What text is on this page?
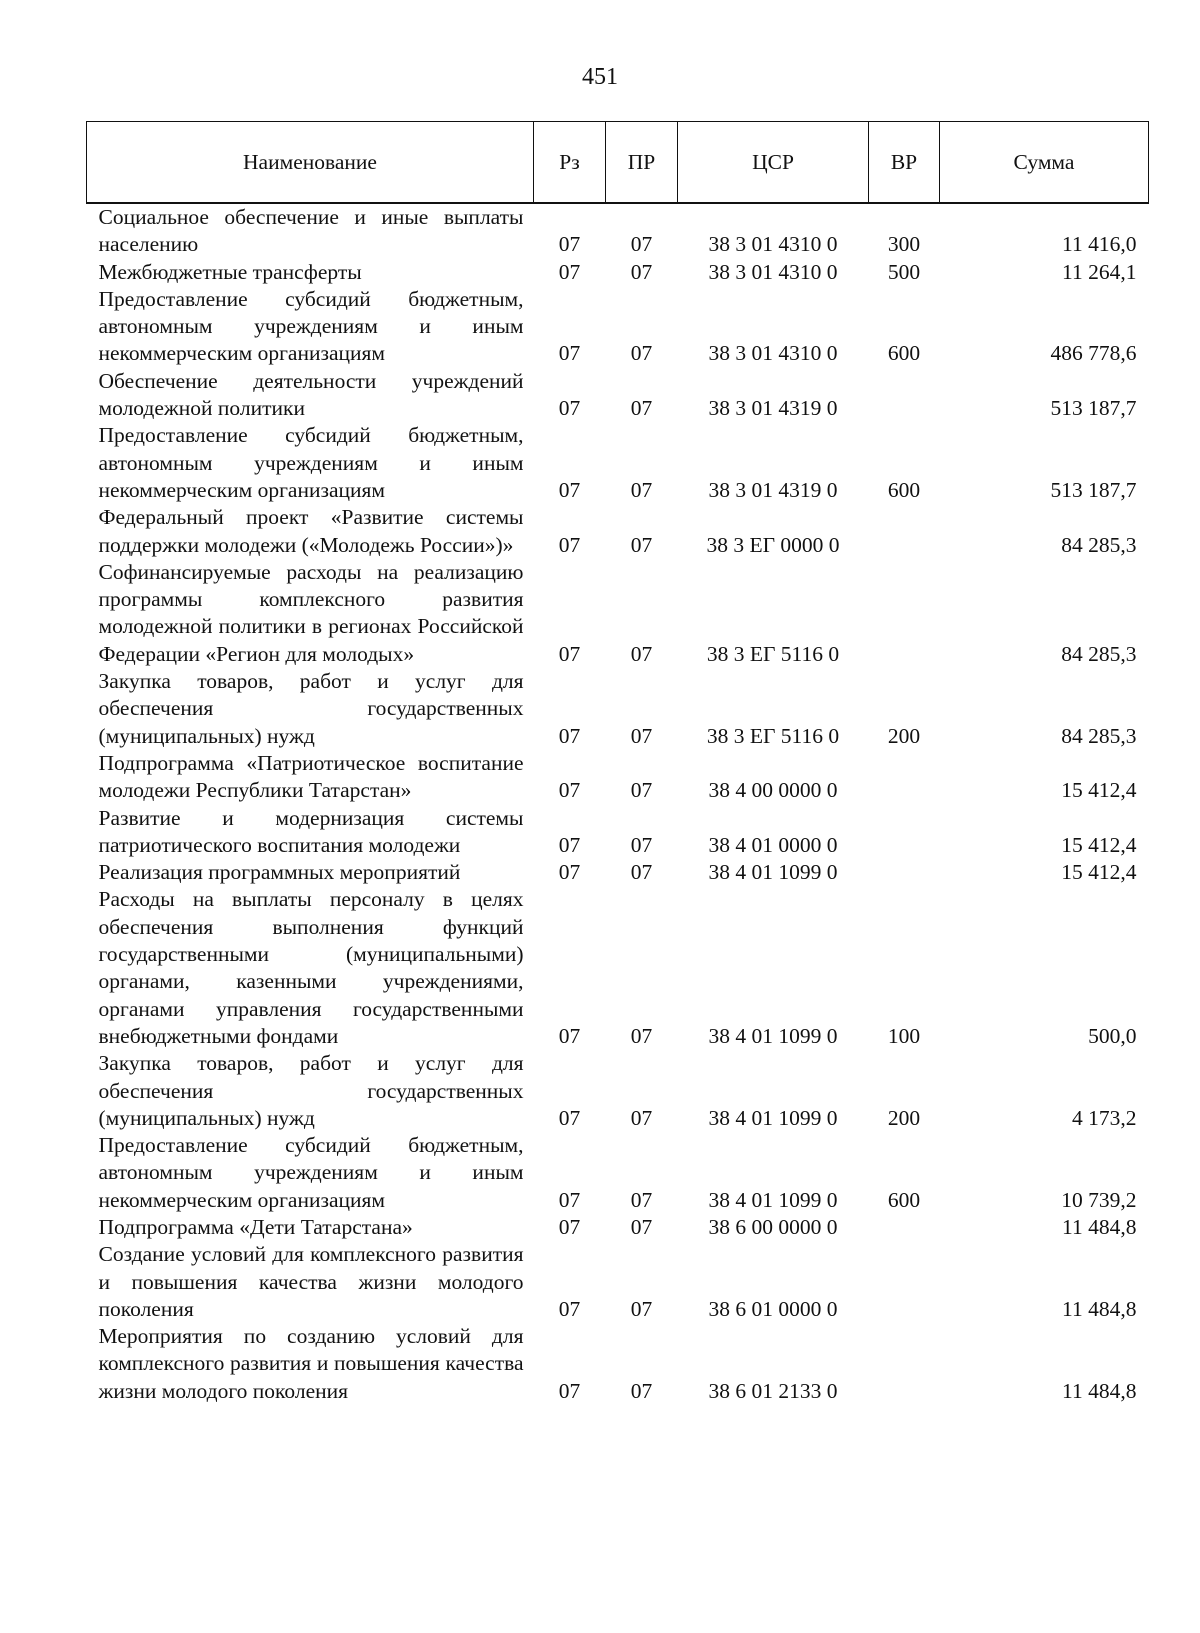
451
Наименование	Рз	ПР	ЦСР	ВР	Сумма
Социальное обеспечение и иные выплаты населению	07	07	38 3 01 4310 0	300	11 416,0
Межбюджетные трансферты	07	07	38 3 01 4310 0	500	11 264,1
Предоставление субсидий бюджетным, автономным учреждениям и иным некоммерческим организациям	07	07	38 3 01 4310 0	600	486 778,6
Обеспечение деятельности учреждений молодежной политики	07	07	38 3 01 4319 0		513 187,7
Предоставление субсидий бюджетным, автономным учреждениям и иным некоммерческим организациям	07	07	38 3 01 4319 0	600	513 187,7
Федеральный проект «Развитие системы поддержки молодежи («Молодежь России»)»	07	07	38 3 ЕГ 0000 0		84 285,3
Софинансируемые расходы на реализацию программы комплексного развития молодежной политики в регионах Российской Федерации «Регион для молодых»	07	07	38 3 ЕГ 5116 0		84 285,3
Закупка товаров, работ и услуг для обеспечения государственных (муниципальных) нужд	07	07	38 3 ЕГ 5116 0	200	84 285,3
Подпрограмма «Патриотическое воспитание молодежи Республики Татарстан»	07	07	38 4 00 0000 0		15 412,4
Развитие и модернизация системы патриотического воспитания молодежи	07	07	38 4 01 0000 0		15 412,4
Реализация программных мероприятий	07	07	38 4 01 1099 0		15 412,4
Расходы на выплаты персоналу в целях обеспечения выполнения функций государственными (муниципальными) органами, казенными учреждениями, органами управления государственными внебюджетными фондами	07	07	38 4 01 1099 0	100	500,0
Закупка товаров, работ и услуг для обеспечения государственных (муниципальных) нужд	07	07	38 4 01 1099 0	200	4 173,2
Предоставление субсидий бюджетным, автономным учреждениям и иным некоммерческим организациям	07	07	38 4 01 1099 0	600	10 739,2
Подпрограмма «Дети Татарстана»	07	07	38 6 00 0000 0		11 484,8
Создание условий для комплексного развития и повышения качества жизни молодого поколения	07	07	38 6 01 0000 0		11 484,8
Мероприятия по созданию условий для комплексного развития и повышения качества жизни молодого поколения	07	07	38 6 01 2133 0		11 484,8
